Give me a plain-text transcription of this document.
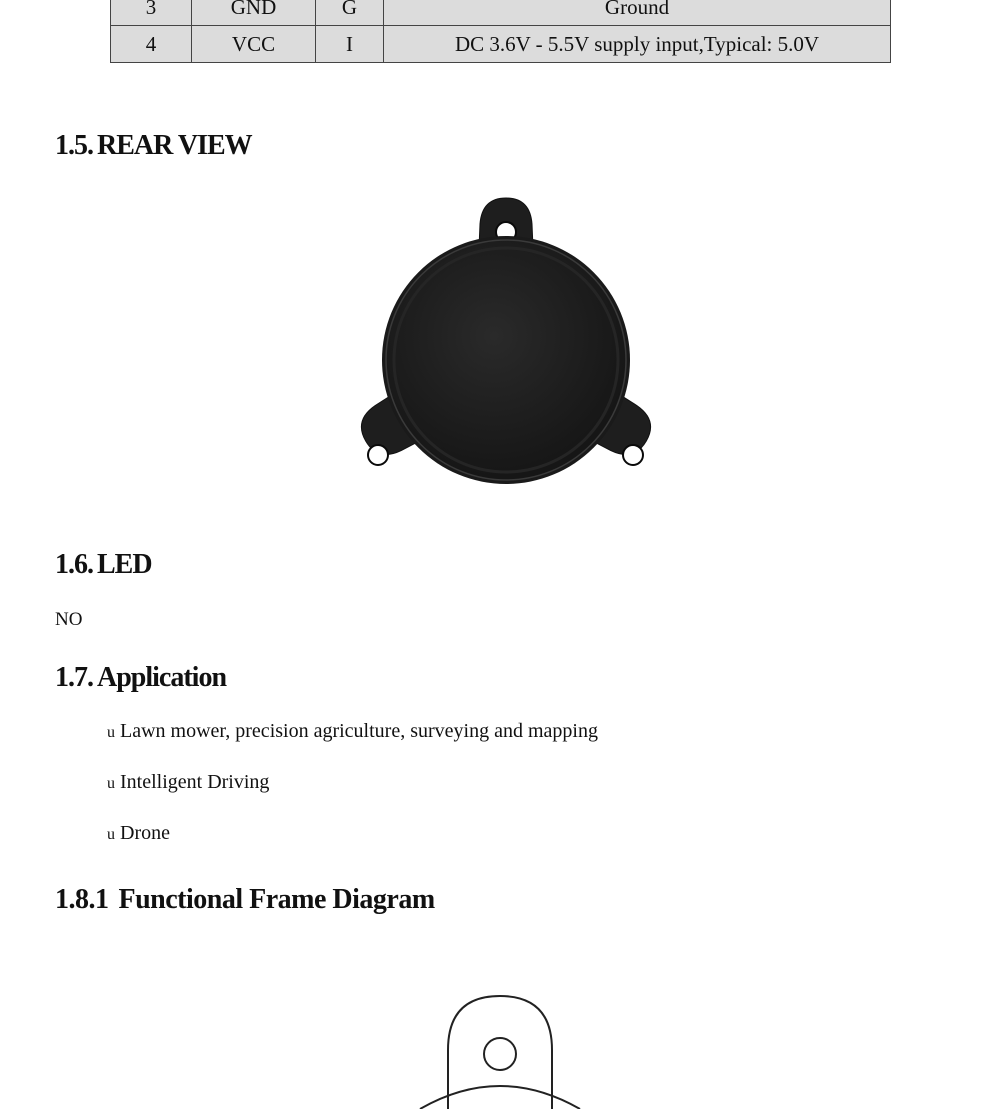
3	GND	G	Ground
4	VCC	I	DC 3.6V - 5.5V supply input,Typical: 5.0V
1.5. REAR VIEW
1.6. LED

NO

1.7. Application
u Lawn mower, precision agriculture, surveying and mapping
u Intelligent Driving
u Drone
1.8.1 Functional Frame Diagram
